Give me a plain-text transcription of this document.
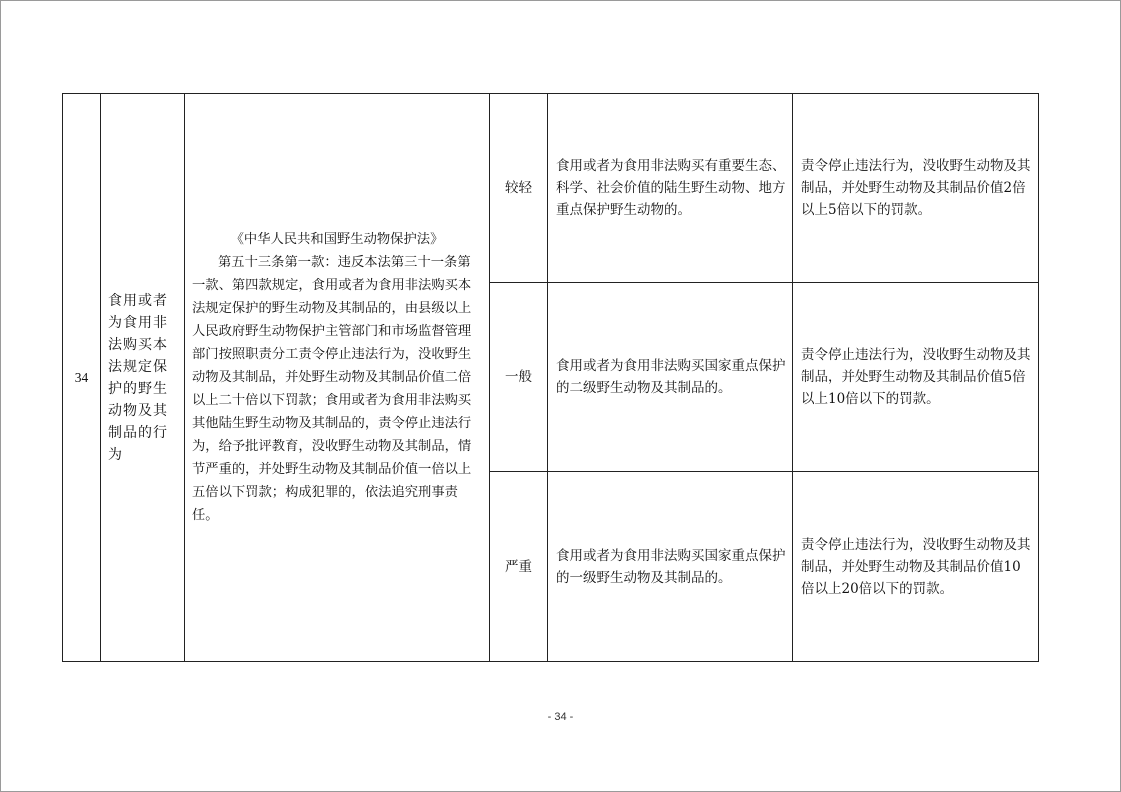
34	食用或者为食用非法购买本法规定保护的野生动物及其制品的行为	《中华人民共和国野生动物保护法》
第五十三条第一款：违反本法第三十一条第一款、第四款规定，食用或者为食用非法购买本法规定保护的野生动物及其制品的，由县级以上人民政府野生动物保护主管部门和市场监督管理部门按照职责分工责令停止违法行为，没收野生动物及其制品，并处野生动物及其制品价值二倍以上二十倍以下罚款；食用或者为食用非法购买其他陆生野生动物及其制品的，责令停止违法行为，给予批评教育，没收野生动物及其制品，情节严重的，并处野生动物及其制品价值一倍以上五倍以下罚款；构成犯罪的，依法追究刑事责任。	较轻	食用或者为食用非法购买有重要生态、科学、社会价值的陆生野生动物、地方重点保护野生动物的。	责令停止违法行为，没收野生动物及其制品，并处野生动物及其制品价值2倍以上5倍以下的罚款。

			一般	食用或者为食用非法购买国家重点保护的二级野生动物及其制品的。	责令停止违法行为，没收野生动物及其制品，并处野生动物及其制品价值5倍以上10倍以下的罚款。

			严重	食用或者为食用非法购买国家重点保护的一级野生动物及其制品的。	责令停止违法行为，没收野生动物及其制品，并处野生动物及其制品价值10倍以上20倍以下的罚款。
- 34 -
